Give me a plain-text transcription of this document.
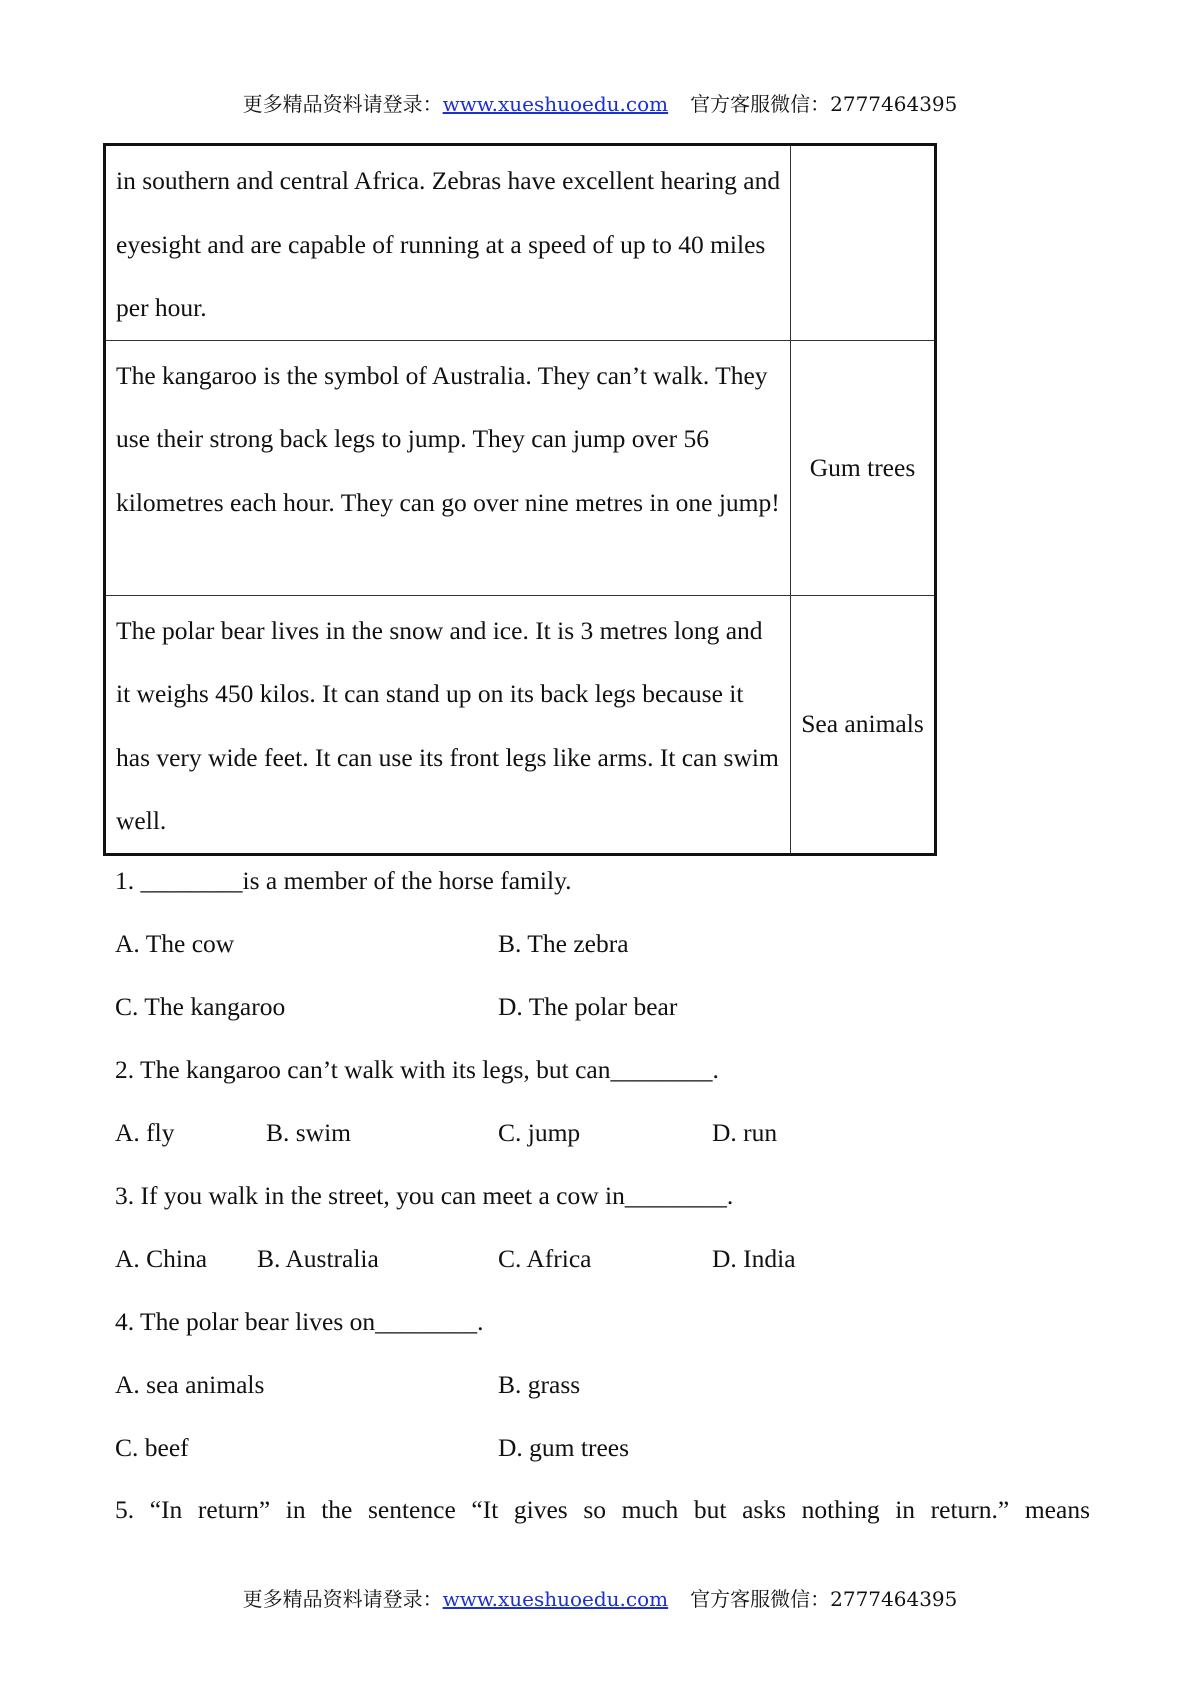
更多精品资料请登录：www.xueshuoedu.com 官方客服微信：2777464395

in southern and central Africa. Zebras have excellent hearing and eyesight and are capable of running at a speed of up to 40 miles per hour.	

The kangaroo is the symbol of Australia. They can’t walk. They use their strong back legs to jump. They can jump over 56 kilometres each hour. They can go over nine metres in one jump!	Gum trees

The polar bear lives in the snow and ice. It is 3 metres long and it weighs 450 kilos. It can stand up on its back legs because it has very wide feet. It can use its front legs like arms. It can swim well.	Sea animals
1. ________is a member of the horse family.
A. The cow	B. The zebra
C. The kangaroo	D. The polar bear
2. The kangaroo can’t walk with its legs, but can________.
A. fly	B. swim	C. jump	D. run
3. If you walk in the street, you can meet a cow in________.
A. China B. Australia	C. Africa	D. India
4. The polar bear lives on________.
A. sea animals	B. grass
C. beef	D. gum trees
5. “In return” in the sentence “It gives so much but asks nothing in return.” means
更多精品资料请登录：www.xueshuoedu.com 官方客服微信：2777464395
